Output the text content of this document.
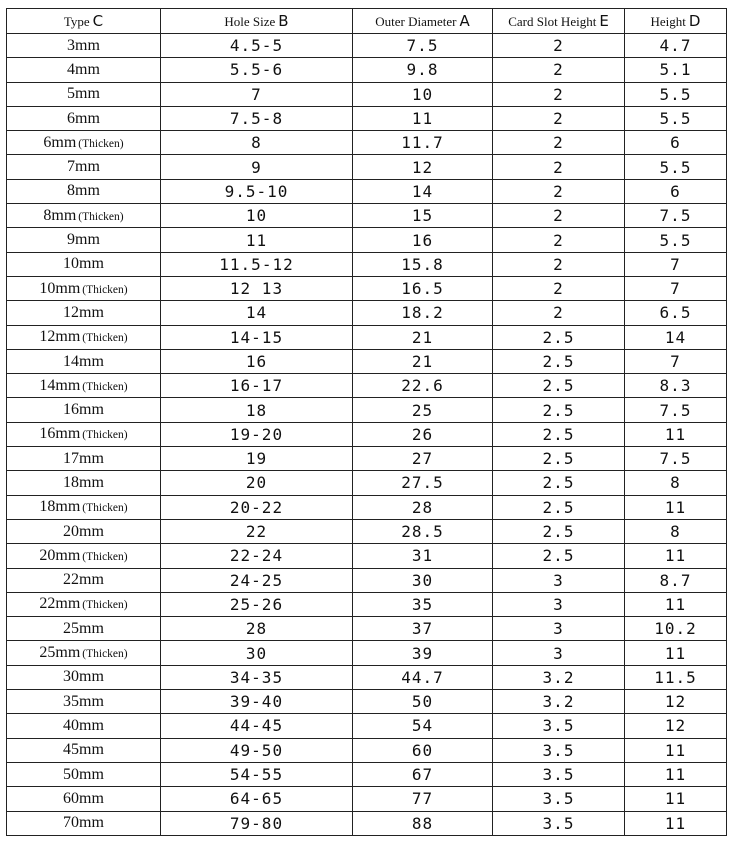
Type C	Hole Size B	Outer Diameter A	Card Slot Height E	Height D
3mm	4.5-5	7.5	2	4.7
4mm	5.5-6	9.8	2	5.1
5mm	7	10	2	5.5
6mm	7.5-8	11	2	5.5
6mm (Thicken)	8	11.7	2	6
7mm	9	12	2	5.5
8mm	9.5-10	14	2	6
8mm (Thicken)	10	15	2	7.5
9mm	11	16	2	5.5
10mm	11.5-12	15.8	2	7
10mm (Thicken)	12 13	16.5	2	7
12mm	14	18.2	2	6.5
12mm (Thicken)	14-15	21	2.5	14
14mm	16	21	2.5	7
14mm (Thicken)	16-17	22.6	2.5	8.3
16mm	18	25	2.5	7.5
16mm (Thicken)	19-20	26	2.5	11
17mm	19	27	2.5	7.5
18mm	20	27.5	2.5	8
18mm (Thicken)	20-22	28	2.5	11
20mm	22	28.5	2.5	8
20mm (Thicken)	22-24	31	2.5	11
22mm	24-25	30	3	8.7
22mm (Thicken)	25-26	35	3	11
25mm	28	37	3	10.2
25mm (Thicken)	30	39	3	11
30mm	34-35	44.7	3.2	11.5
35mm	39-40	50	3.2	12
40mm	44-45	54	3.5	12
45mm	49-50	60	3.5	11
50mm	54-55	67	3.5	11
60mm	64-65	77	3.5	11
70mm	79-80	88	3.5	11
